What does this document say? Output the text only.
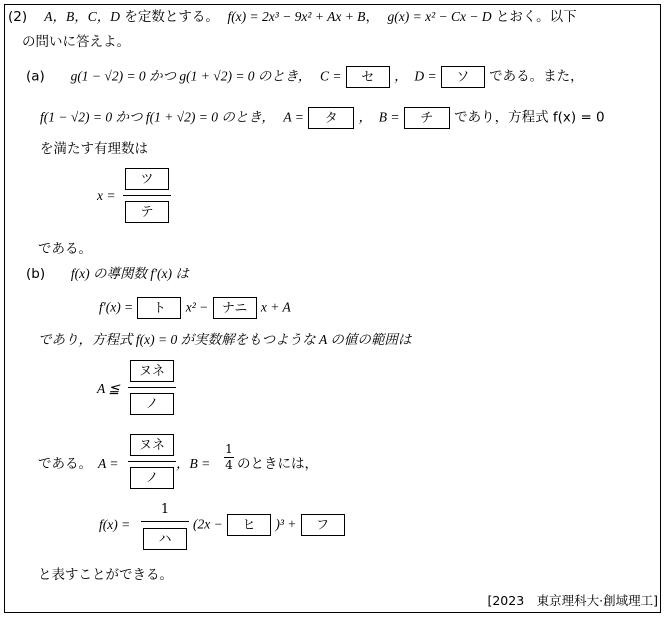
(2) A，B，C，D を定数とする。 f(x) = 2x³ − 9x² + Ax + B， g(x) = x² − Cx − D とおく。以下
の問いに答えよ。
(a) g(1 − √2) = 0 かつ g(1 + √2) = 0 のとき， C = セ ，　D = ソ である。また，
f(1 − √2) = 0 かつ f(1 + √2) = 0 のとき， A = タ ，　B = チ であり，方程式 f(x) = 0
を満たす有理数は
x =
ツ
テ
である。
(b) f(x) の導関数 f′(x) は
f′(x) = ト x² − ナニ x + A
であり，方程式 f(x) = 0 が実数解をもつような A の値の範囲は
A ≦
ヌネ
ノ
である。 A =
ヌネ
ノ
，B =
1
4 のときには，
f(x) =
1
ハ
(2x − ヒ )³ + フ
と表すことができる。
[2023　東京理科大·創域理工]
